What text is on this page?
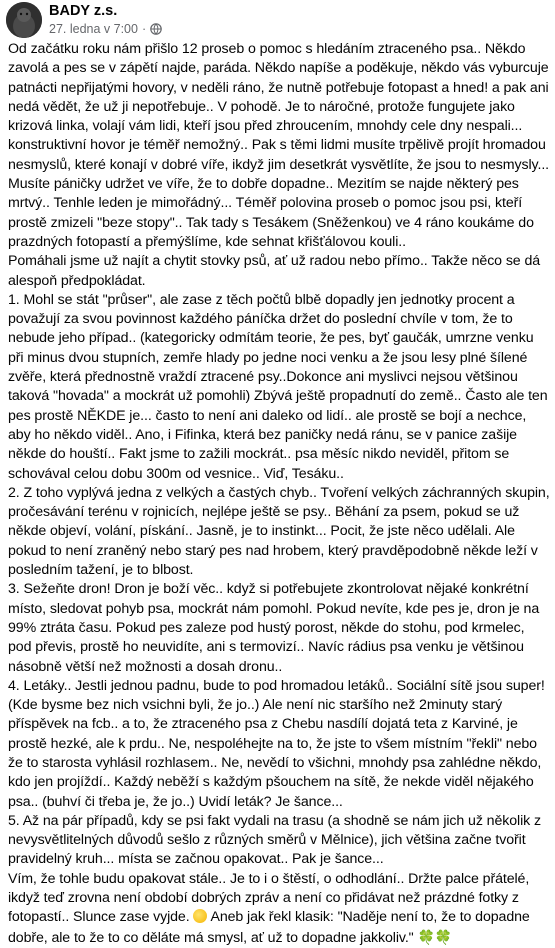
BADY z.s.
27. ledna v 7:00 ·

Od začátku roku nám přišlo 12 proseb o pomoc s hledáním ztraceného psa.. Někdo zavolá a pes se v zápětí najde, paráda. Někdo napíše a poděkuje, někdo vás vyburcuje patnácti nepřijatými hovory, v neděli ráno, že nutně potřebuje fotopast a hned! a pak ani nedá vědět, že už ji nepotřebuje.. V pohodě. Je to náročné, protože fungujete jako krizová linka, volají vám lidi, kteří jsou před zhroucením, mnohdy cele dny nespali... konstruktivní hovor je téměř nemožný.. Pak s těmi lidmi musíte trpělivě projít hromadou nesmyslů, které konají v dobré víře, ikdyž jim desetkrát vysvětlíte, že jsou to nesmysly... Musíte páničky udržet ve víře, že to dobře dopadne.. Mezitím se najde některý pes mrtvý.. Tenhle leden je mimořádný... Téměř polovina proseb o pomoc jsou psi, kteří prostě zmizeli "beze stopy".. Tak tady s Tesákem (Sněženkou) ve 4 ráno koukáme do prazdných fotopastí a přemýšlíme, kde sehnat křišťálovou kouli..

Pomáhali jsme už najít a chytit stovky psů, ať už radou nebo přímo.. Takže něco se dá alespoň předpokládat.

1. Mohl se stát "průser", ale zase z těch počtů blbě dopadly jen jednotky procent a považují za svou povinnost každého páníčka držet do poslední chvíle v tom, že to nebude jeho případ.. (kategoricky odmítám teorie, že pes, byť gaučák, umrzne venku při minus dvou stupních, zemře hlady po jedne noci venku a že jsou lesy plné šílené zvěře, která přednostně vraždí ztracené psy..Dokonce ani myslivci nejsou většinou taková "hovada" a mockrát už pomohli) Zbývá ještě propadnutí do země.. Často ale ten pes prostě NĚKDE je... často to není ani daleko od lidí.. ale prostě se bojí a nechce, aby ho někdo viděl.. Ano, i Fifinka, která bez paničky nedá ránu, se v panice zašije někde do houští.. Fakt jsme to zažili mockrát.. psa měsíc nikdo neviděl, přitom se schovával celou dobu 300m od vesnice.. Viď, Tesáku..

2. Z toho vyplývá jedna z velkých a častých chyb.. Tvoření velkých záchranných skupin, pročesávání terénu v rojnicích, nejlépe ještě se psy.. Běhání za psem, pokud se už někde objeví, volání, pískání.. Jasně, je to instinkt... Pocit, že jste něco udělali. Ale pokud to není zraněný nebo starý pes nad hrobem, který pravděpodobně někde leží v posledním tažení, je to blbost.

3. Sežeňte dron! Dron je boží věc.. když si potřebujete zkontrolovat nějaké konkrétní místo, sledovat pohyb psa, mockrát nám pomohl. Pokud nevíte, kde pes je, dron je na 99% ztráta času. Pokud pes zaleze pod hustý porost, někde do stohu, pod krmelec, pod převis, prostě ho neuvidíte, ani s termovizí.. Navíc rádius psa venku je většinou násobně větší než možnosti a dosah dronu..

4. Letáky.. Jestli jednou padnu, bude to pod hromadou letáků.. Sociální sítě jsou super! (Kde bysme bez nich vsichni byli, že jo..) Ale není nic staršího než 2minuty starý příspěvek na fcb.. a to, že ztraceného psa z Chebu nasdílí dojatá teta z Karviné, je prostě hezké, ale k prdu.. Ne, nespoléhejte na to, že jste to všem místním "řekli" nebo že to starosta vyhlásil rozhlasem.. Ne, nevědí to všichni, mnohdy psa zahlédne někdo, kdo jen projíždí.. Každý neběží s každým pšouchem na sítě, že nekde viděl nějakého psa.. (buhví či třeba je, že jo..) Uvidí leták? Je šance...

5. Až na pár případů, kdy se psi fakt vydali na trasu (a shodně se nám jich už několik z nevysvětlitelných důvodů sešlo z různých směrů v Mělnice), jich většina začne tvořit pravidelný kruh... místa se začnou opakovat.. Pak je šance...

Vím, že tohle budu opakovat stále.. Je to i o štěstí, o odhodlání.. Držte palce přátelé, ikdyž teď zrovna není období dobrých zpráv a není co přidávat než prázdné fotky z fotopastí.. Slunce zase vyjde. Aneb jak řekl klasik: "Naděje není to, že to dopadne dobře, ale to že to co děláte má smysl, ať už to dopadne jakkoliv." 🍀🍀
